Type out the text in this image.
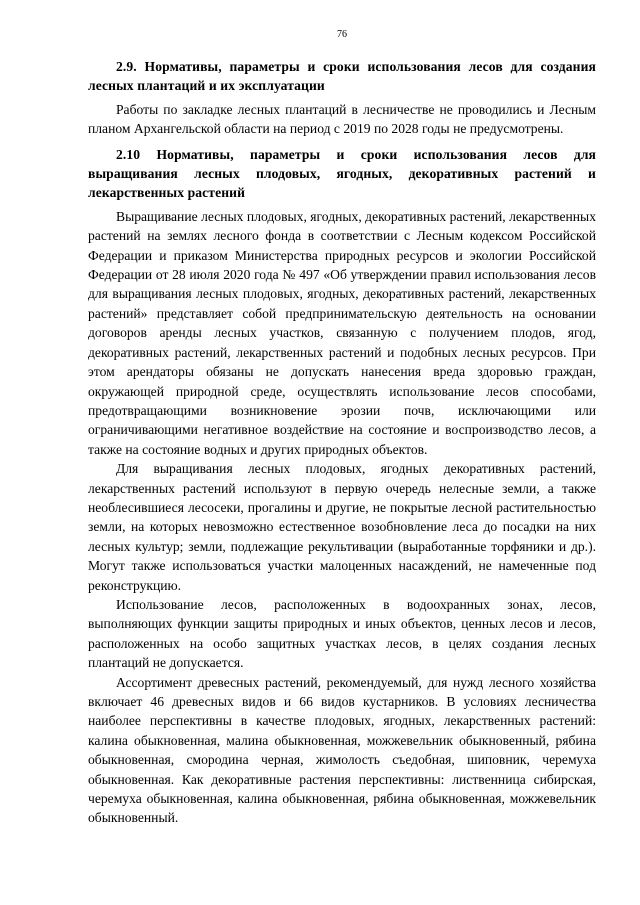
76

2.9. Нормативы, параметры и сроки использования лесов для создания лесных плантаций и их эксплуатации

Работы по закладке лесных плантаций в лесничестве не проводились и Лесным планом Архангельской области на период с 2019 по 2028 годы не предусмотрены.

2.10 Нормативы, параметры и сроки использования лесов для выращивания лесных плодовых, ягодных, декоративных растений и лекарственных растений

Выращивание лесных плодовых, ягодных, декоративных растений, лекарственных растений на землях лесного фонда в соответствии с Лесным кодексом Российской Федерации и приказом Министерства природных ресурсов и экологии Российской Федерации от 28 июля 2020 года № 497 «Об утверждении правил использования лесов для выращивания лесных плодовых, ягодных, декоративных растений, лекарственных растений» представляет собой предпринимательскую деятельность на основании договоров аренды лесных участков, связанную с получением плодов, ягод, декоративных растений, лекарственных растений и подобных лесных ресурсов. При этом арендаторы обязаны не допускать нанесения вреда здоровью граждан, окружающей природной среде, осуществлять использование лесов способами, предотвращающими возникновение эрозии почв, исключающими или ограничивающими негативное воздействие на состояние и воспроизводство лесов, а также на состояние водных и других природных объектов.

Для выращивания лесных плодовых, ягодных декоративных растений, лекарственных растений используют в первую очередь нелесные земли, а также необлесившиеся лесосеки, прогалины и другие, не покрытые лесной растительностью земли, на которых невозможно естественное возобновление леса до посадки на них лесных культур; земли, подлежащие рекультивации (выработанные торфяники и др.). Могут также использоваться участки малоценных насаждений, не намеченные под реконструкцию.

Использование лесов, расположенных в водоохранных зонах, лесов, выполняющих функции защиты природных и иных объектов, ценных лесов и лесов, расположенных на особо защитных участках лесов, в целях создания лесных плантаций не допускается.

Ассортимент древесных растений, рекомендуемый, для нужд лесного хозяйства включает 46 древесных видов и 66 видов кустарников. В условиях лесничества наиболее перспективны в качестве плодовых, ягодных, лекарственных растений: калина обыкновенная, малина обыкновенная, можжевельник обыкновенный, рябина обыкновенная, смородина черная, жимолость съедобная, шиповник, черемуха обыкновенная. Как декоративные растения перспективны: лиственница сибирская, черемуха обыкновенная, калина обыкновенная, рябина обыкновенная, можжевельник обыкновенный.
